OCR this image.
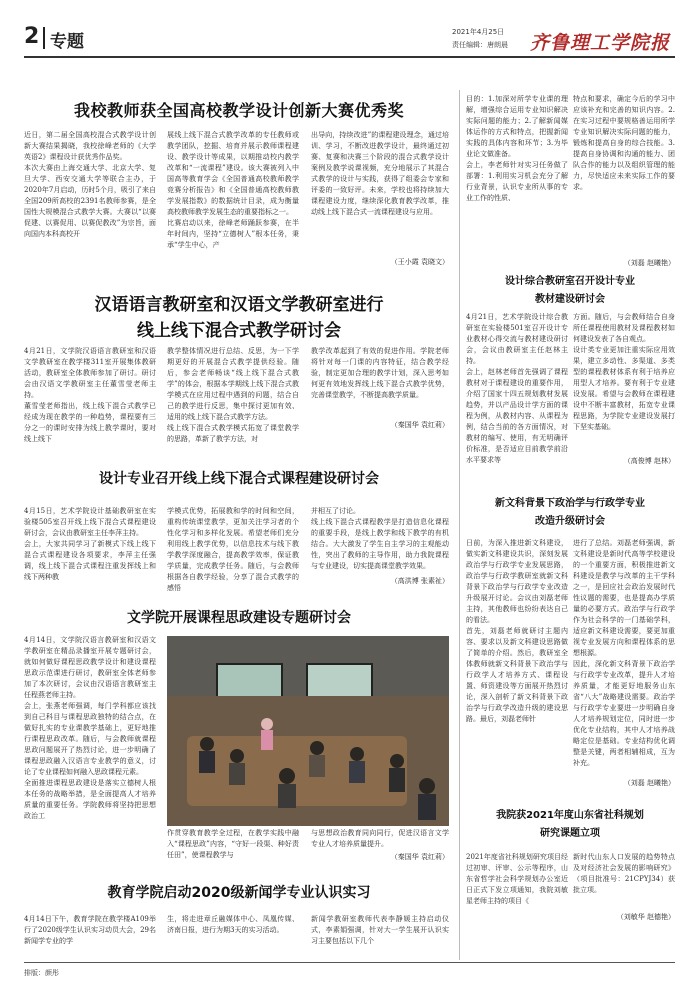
2 专题	2021年4月25日
责任编辑：唐朗晨 齐鲁理工学院报
我校教师获全国高校教学设计创新大赛优秀奖
近日，第二届全国高校混合式教学设计创新大赛结果揭晓，我校徐峰老师的《大学英语2》课程设计获优秀作品奖。
本次大赛由上海交通大学、北京大学、复旦大学、西安交通大学等联合主办，于2020年7月启动，历时5个月，吸引了来自全国209所高校的2391名教师参赛，是全国性大规模混合式教学大赛。大赛以“以赛促建、以赛促用、以赛促教改”为宗旨，面向国内本科高校开
展线上线下混合式教学改革的专任教师或教学团队，挖掘、培育并展示教师课程建设、教学设计等成果，以期推动校内教学改革和“一流课程”建设。该大赛被列入中国高等教育学会《全国普通高校教师教学竞赛分析报告》和《全国普通高校教师教学发展指数》的数据统计目录，成为衡量高校教师教学发展生态的重要指标之一。
比赛启动以来，徐峰老师踊跃参赛，在半年时间内，坚持“立德树人”根本任务，秉承“学生中心，产
出导向，持续改进”的课程建设理念，通过培训、学习，不断改进教学设计，最终通过初赛、复赛和决赛三个阶段的混合式教学设计案例及教学说课视频，充分地展示了其混合式教学的设计与实践，获得了组委会专家和评委的一致好评。未来，学校也将持续加大课程建设力度，继续深化教育教学改革，推动线上线下混合式一流课程建设与应用。
（王小霞 袁晓文）
汉语语言教研室和汉语文学教研室进行
线上线下混合式教学研讨会
4月21日，文学院汉语语言教研室和汉语文学教研室在教学楼311室开展集体教研活动，教研室全体教师参加了研讨。研讨会由汉语文学教研室主任董雪莹老师主持。
董雪莹老师指出，线上线下混合式教学已经成为现在教学的一种趋势，课程要有三分之一的课时安排为线上教学课时，要对线上线下
教学整体情况进行总结、反思，为一下学期更好的开展混合式教学提供经验。随后，参会老师畅谈“线上线下混合式教学”的体会，根据本学期线上线下混合式教学模式在应用过程中遇到的问题，结合自己的教学进行反思，集中探讨更加有效、适用的线上线下混合式教学方法。
线上线下混合式教学模式拓宽了课堂教学的思路，革新了教学方法，对
教学改革起到了有效的促进作用。学院老师将针对每一门课的内容特征，结合教学经验，制定更加合理的教学计划，深入思考如何更有效地发挥线上线下混合式教学优势，完善课堂教学，不断提高教学质量。
（秦国华 袁红莉）
设计专业召开线上线下混合式课程建设研讨会
4月15日，艺术学院设计基础教研室在实验楼505室召开线上线下混合式课程建设研讨会，会议由教研室主任李萍主持。
会上，大家共同学习了新模式下线上线下混合式课程建设各项要求，李萍主任强调，线上线下混合式课程注重发挥线上和线下两种教
学模式优势，拓展教和学的时间和空间，重构传统课堂教学，更加关注学习者的个性化学习和多样化发展。希望老师们充分利用线上教学优势，以信息技术与线下教学教学深度融合，提高教学效率，保证教学质量，完成教学任务。随后，与会教师根据各自教学经验，分享了混合式教学的感悟
并相互了讨论。
线上线下混合式课程教学是打造信息化课程的重要手段，是线上教学和线下教学的有机结合。大大激发了学生自主学习的主观能动性，突出了教师的主导作用，助力我院课程与专业建设，切实提高课堂教学效果。
（高洪博 张素祉）
文学院开展课程思政建设专题研讨会
4月14日，文学院汉语言教研室和汉语文学教研室在精品录播室开展专题研讨会，就如何做好课程思政教学设计和建设课程思政示范课进行研讨，教研室全体老师参加了本次研讨，会议由汉语语言教研室主任程燕老师主持。
会上，张燕老师强调，每门学科都应该找到自己科目与课程思政独特的结合点，在做好扎实的专业课教学基础上，更好地推行课程思政改革。随后，与会教师就课程思政问题展开了热烈讨论，进一步明确了课程思政融入汉语言专业教学的意义，讨论了专业课程如何融入思政课程元素。
全面推进课程思政建设是落实立德树人根本任务的战略举措，是全面提高人才培养质量的重要任务。学院教师将坚持把思想政治工
作贯穿教育教学全过程，在教学实践中融入“课程思政”内容，“守好一段渠、种好责任田”，使课程教学与
与思想政治教育同向同行，促进汉语言文学专业人才培养质量提升。
（秦国华 袁红莉）
教育学院启动2020级新闻学专业认识实习
4月14日下午，教育学院在教学楼A109举行了2020级学生认识实习动员大会，29名新闻学专业的学
生，将走进章丘融媒体中心、凤凰传媒、济南日报，进行为期3天的实习活动。
新闻学教研室教师代表李静媛主持启动仪式，李素娟强调，针对大一学生展开认识实习主要包括以下几个
目的：1.加深对所学专业课的理解，增强综合运用专业知识解决实际问题的能力；2.了解新闻媒体运作的方式和特点，把握新闻实践的具体内容和环节；3.为毕业论文做准备。
会上，李老师针对实习任务做了部署：1.利用实习机会充分了解行业背景，认识专业所从事的专业工作的性质、
特点和要求，确定今后的学习中应该补充和完善的知识内容。2.在实习过程中要规格善运用所学专业知识解决实际问题的能力，锻炼和提高自身的综合技能。3.提高自身协调和沟通的能力、团队合作的能力以及组织管理的能力，尽快适应未来实际工作的要求。
（刘磊 赵曦艳）
设计综合教研室召开设计专业
教材建设研讨会
4月21日，艺术学院设计综合教研室在实验楼501室召开设计专业教材心得交流与教材建设研讨会，会议由教研室主任赵林主持。
会上，赵林老师首先强调了课程教材对于课程建设的重要作用，介绍了国家十四五规划教材发展趋势，并以产品设计学方面的课程为例，从教材内容、从课程为例，结合当前的各方面情况，对教材的编写、使用，有无明确评价标准，是否适应目前教学前沿水平要求等
方面。随后，与会教师结合自身所任课程使用教材及课程教材如何建设发表了各自观点。
设计类专业更加注重实际应用效果，建立多动性、多渠道、多类型的课程教材体系有利于培养应用型人才培养。要有利于专业建设发展。希望与会教师在课程建设中不断丰富教材，拓宽专业课程思路，为学院专业建设发展打下坚实基础。
（高俊博 赵林）
新文科背景下政治学与行政学专业
改造升级研讨会
日前，为深入推进新文科建设，做实新文科建设共识，深刻发展政治学与行政学专业发展思路，政治学与行政学教研室就新文科背景下政治学与行政学专业改造升级展开讨论。会议由刘磊老师主持，其他教师也纷纷表达自己的看法。
首先，刘磊老师就研讨主题内容、要求以及新文科建设思路做了简单的介绍。然后，教研室全体教师就新文科背景下政治学与行政学人才培养方式、课程设置、师资建设等方面展开热烈讨论，深入剖析了新文科背景下政治学与行政学改造升级的建设思路。最后，刘磊老师针
进行了总结。刘磊老师强调，新文科建设是新时代高等学校建设的一个重要方面，积极推进新文科建设是教学与改革的主干学科之一，是回应社会政治发展时代性议题的需要，也是提高办学质量的必要方式。政治学与行政学作为社会科学的一门基础学科，适应新文科建设需要，要更加重视专业发展方向和课程体系的思想根源。
因此，深化新文科背景下政治学与行政学专业改革，提升人才培养质量，才能更好地服务山东省“八大”战略建设需要。政治学与行政学专业要进一步明确自身人才培养规划定位，同时进一步优化专业结构，其中人才培养战略定位是基础。专业结构优化调整是关键，两者相辅相成，互为补充。
（刘磊 赵曦艳）
我院获2021年度山东省社科规划
研究课题立项
2021年度省社科规划研究项目经过初审、评审、公示等程序，山东省哲学社会科学规划办公室近日正式下发立项通知，我院刘敏星老师主持的项目《
新时代山东人口发展的趋势特点及对经济社会发展的影响研究》（项目批准号：21CPYJ34）获批立项。
（刘敏华 赵德艳）
排版：颜彤
